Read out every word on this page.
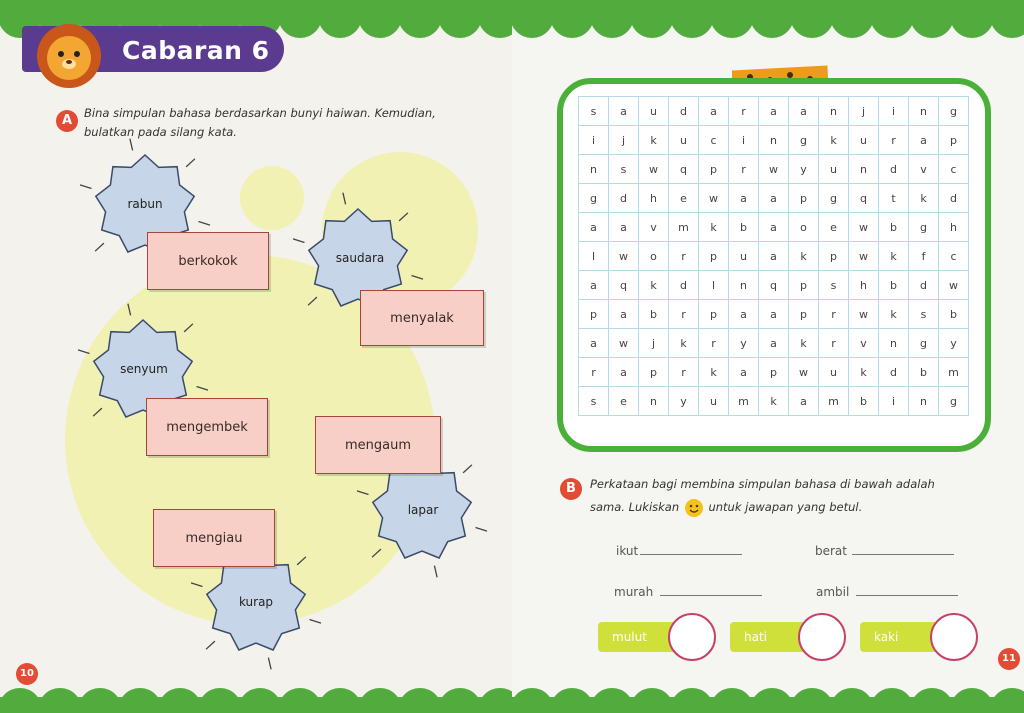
Cabaran 6
A	Bina simpulan bahasa berdasarkan bunyi haiwan. Kemudian,
bulatkan pada silang kata.
rabun
saudara
senyum
lapar
kurap
berkokok
menyalak
mengembek
mengaum
mengiau
10
s	a	u	d	a	r	a	a	n	j	i	n	g
i	j	k	u	c	i	n	g	k	u	r	a	p
n	s	w	q	p	r	w	y	u	n	d	v	c
g	d	h	e	w	a	a	p	g	q	t	k	d
a	a	v	m	k	b	a	o	e	w	b	g	h
l	w	o	r	p	u	a	k	p	w	k	f	c
a	q	k	d	l	n	q	p	s	h	b	d	w
p	a	b	r	p	a	a	p	r	w	k	s	b
a	w	j	k	r	y	a	k	r	v	n	g	y
r	a	p	r	k	a	p	w	u	k	d	b	m
s	e	n	y	u	m	k	a	m	b	i	n	g
B	Perkataan bagi membina simpulan bahasa di bawah adalah
sama. Lukiskan	untuk jawapan yang betul.
ikut	berat
murah	ambil
mulut	hati	kaki
11
